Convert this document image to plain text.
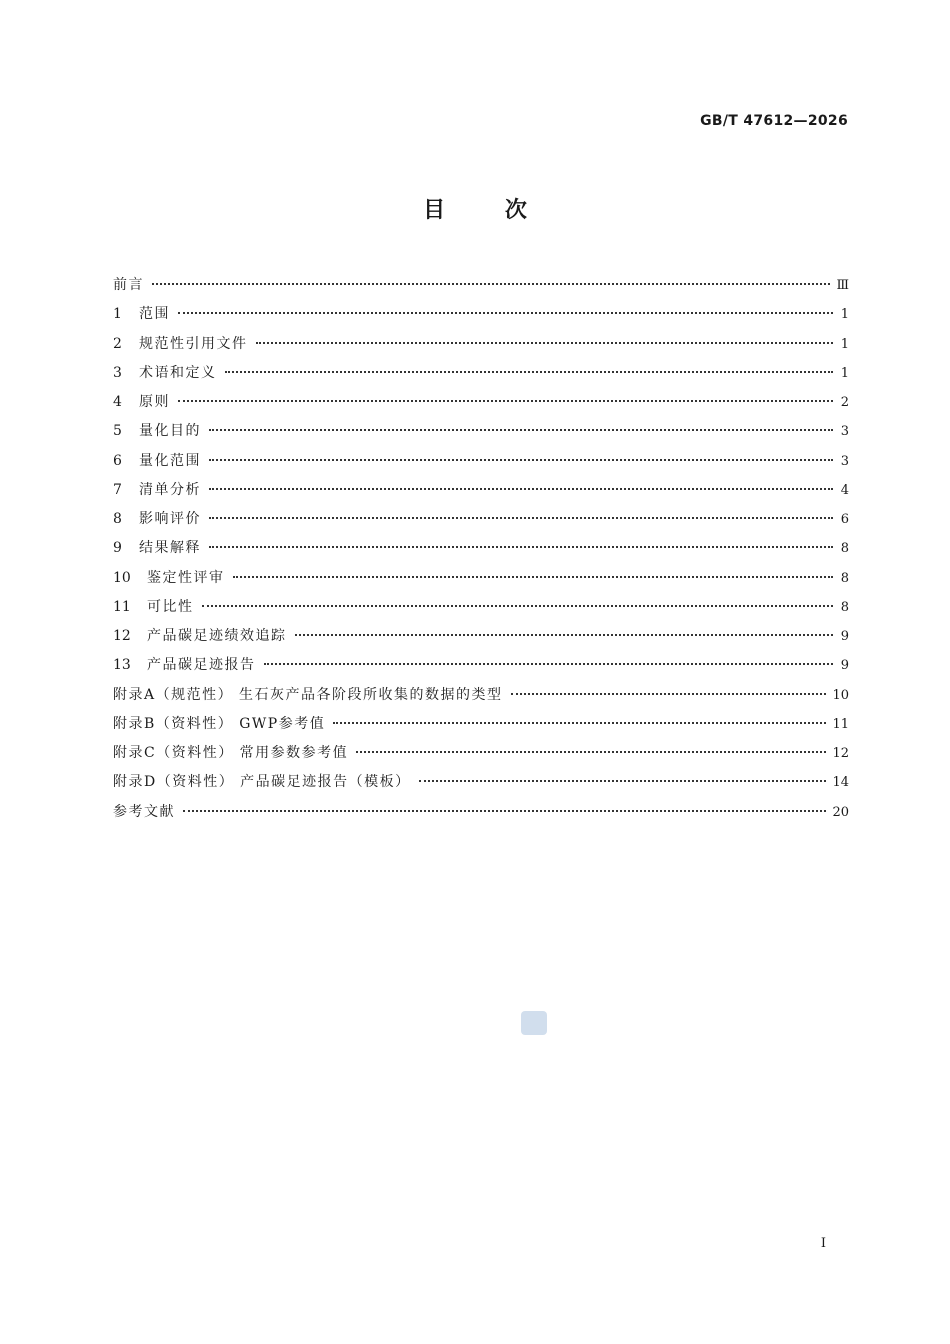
GB/T 47612—2026
目	次
前言	Ⅲ
1	范围	1
2	规范性引用文件	1
3	术语和定义	1
4	原则	2
5	量化目的	3
6	量化范围	3
7	清单分析	4
8	影响评价	6
9	结果解释	8
10	鉴定性评审	8
11	可比性	8
12	产品碳足迹绩效追踪	9
13	产品碳足迹报告	9
附录A（规范性） 生石灰产品各阶段所收集的数据的类型	10
附录B（资料性） GWP参考值	11
附录C（资料性） 常用参数参考值	12
附录D（资料性） 产品碳足迹报告（模板）	14
参考文献	20
Ⅰ
